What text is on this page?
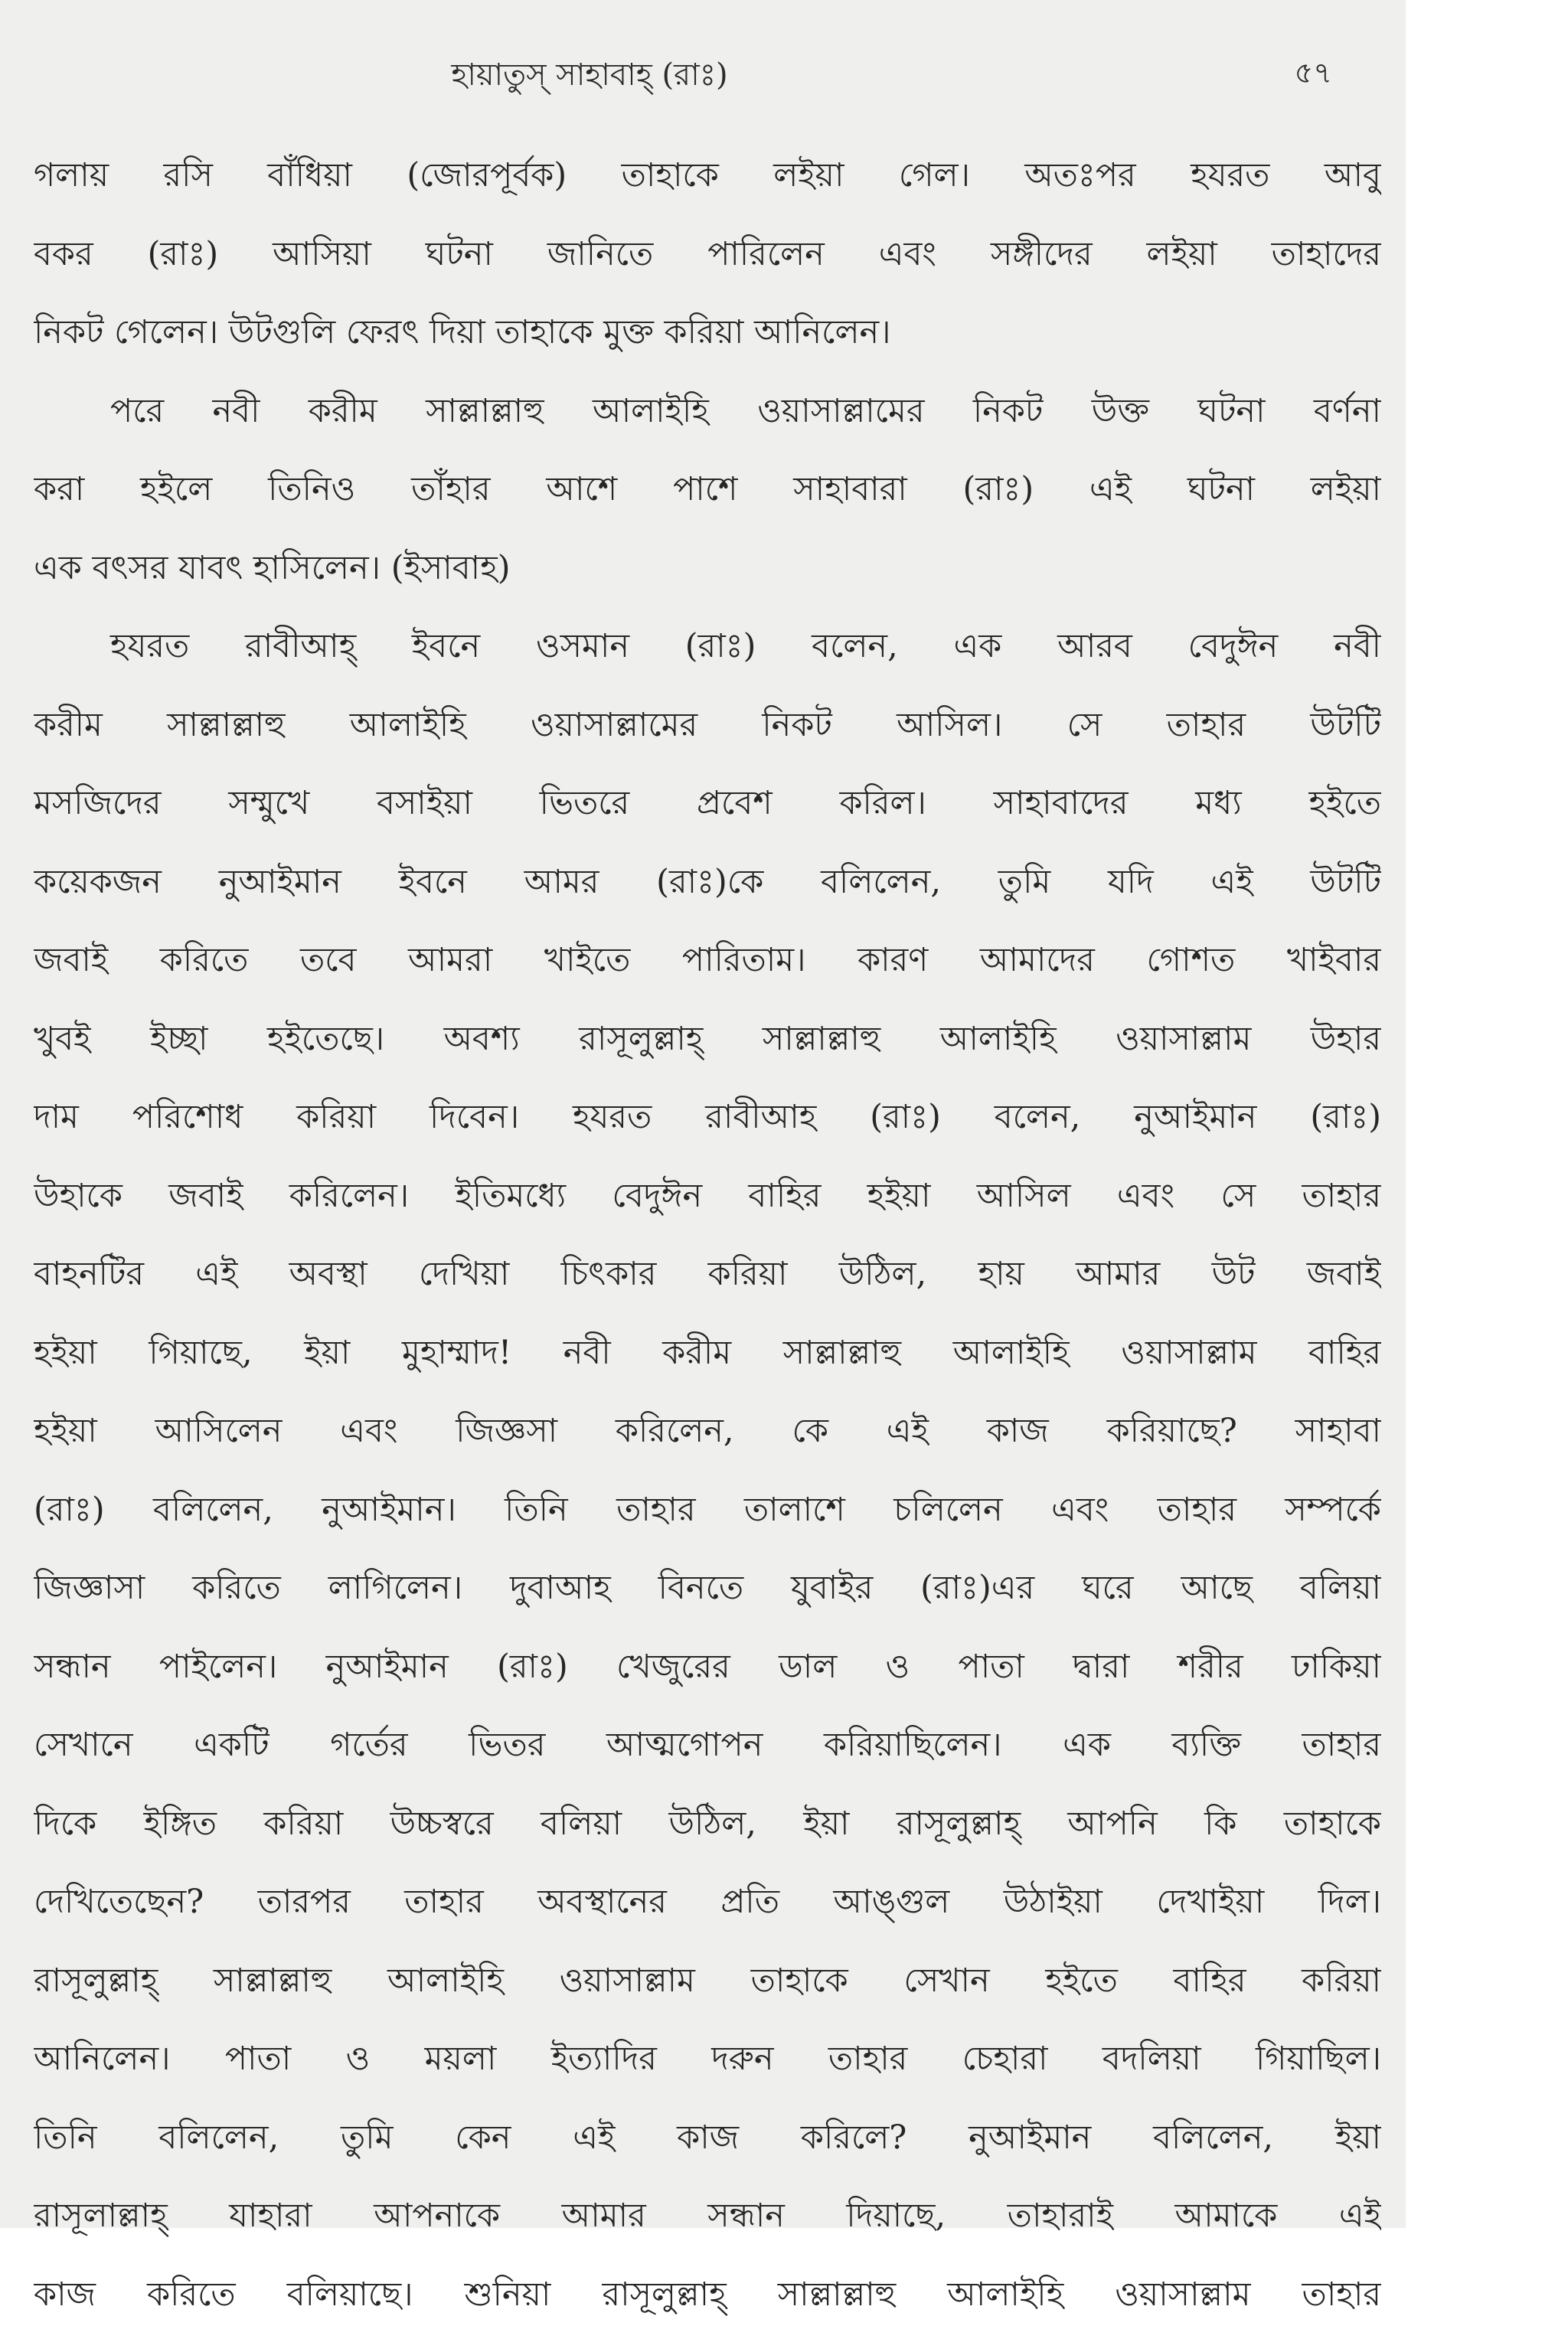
হায়াতুস্ সাহাবাহ্ (রাঃ)	৫৭
গলায় রসি বাঁধিয়া (জোরপূর্বক) তাহাকে লইয়া গেল। অতঃপর হযরত আবু
বকর (রাঃ) আসিয়া ঘটনা জানিতে পারিলেন এবং সঙ্গীদের লইয়া তাহাদের
নিকট গেলেন। উটগুলি ফেরৎ দিয়া তাহাকে মুক্ত করিয়া আনিলেন।
পরে নবী করীম সাল্লাল্লাহু আলাইহি ওয়াসাল্লামের নিকট উক্ত ঘটনা বর্ণনা
করা হইলে তিনিও তাঁহার আশে পাশে সাহাবারা (রাঃ) এই ঘটনা লইয়া
এক বৎসর যাবৎ হাসিলেন। (ইসাবাহ)
হযরত রাবীআহ্ ইবনে ওসমান (রাঃ) বলেন, এক আরব বেদুঈন নবী
করীম সাল্লাল্লাহু আলাইহি ওয়াসাল্লামের নিকট আসিল। সে তাহার উটটি
মসজিদের সম্মুখে বসাইয়া ভিতরে প্রবেশ করিল। সাহাবাদের মধ্য হইতে
কয়েকজন নুআইমান ইবনে আমর (রাঃ)কে বলিলেন, তুমি যদি এই উটটি
জবাই করিতে তবে আমরা খাইতে পারিতাম। কারণ আমাদের গোশত খাইবার
খুবই ইচ্ছা হইতেছে। অবশ্য রাসূলুল্লাহ্ সাল্লাল্লাহু আলাইহি ওয়াসাল্লাম উহার
দাম পরিশোধ করিয়া দিবেন। হযরত রাবীআহ (রাঃ) বলেন, নুআইমান (রাঃ)
উহাকে জবাই করিলেন। ইতিমধ্যে বেদুঈন বাহির হইয়া আসিল এবং সে তাহার
বাহনটির এই অবস্থা দেখিয়া চিৎকার করিয়া উঠিল, হায় আমার উট জবাই
হইয়া গিয়াছে, ইয়া মুহাম্মাদ! নবী করীম সাল্লাল্লাহু আলাইহি ওয়াসাল্লাম বাহির
হইয়া আসিলেন এবং জিজ্ঞসা করিলেন, কে এই কাজ করিয়াছে? সাহাবা
(রাঃ) বলিলেন, নুআইমান। তিনি তাহার তালাশে চলিলেন এবং তাহার সম্পর্কে
জিজ্ঞাসা করিতে লাগিলেন। দুবাআহ বিনতে যুবাইর (রাঃ)এর ঘরে আছে বলিয়া
সন্ধান পাইলেন। নুআইমান (রাঃ) খেজুরের ডাল ও পাতা দ্বারা শরীর ঢাকিয়া
সেখানে একটি গর্তের ভিতর আত্মগোপন করিয়াছিলেন। এক ব্যক্তি তাহার
দিকে ইঙ্গিত করিয়া উচ্চস্বরে বলিয়া উঠিল, ইয়া রাসূলুল্লাহ্ আপনি কি তাহাকে
দেখিতেছেন? তারপর তাহার অবস্থানের প্রতি আঙ্গুল উঠাইয়া দেখাইয়া দিল।
রাসূলুল্লাহ্ সাল্লাল্লাহু আলাইহি ওয়াসাল্লাম তাহাকে সেখান হইতে বাহির করিয়া
আনিলেন। পাতা ও ময়লা ইত্যাদির দরুন তাহার চেহারা বদলিয়া গিয়াছিল।
তিনি বলিলেন, তুমি কেন এই কাজ করিলে? নুআইমান বলিলেন, ইয়া
রাসূলাল্লাহ্ যাহারা আপনাকে আমার সন্ধান দিয়াছে, তাহারাই আমাকে এই
কাজ করিতে বলিয়াছে। শুনিয়া রাসূলুল্লাহ্ সাল্লাল্লাহু আলাইহি ওয়াসাল্লাম তাহার
